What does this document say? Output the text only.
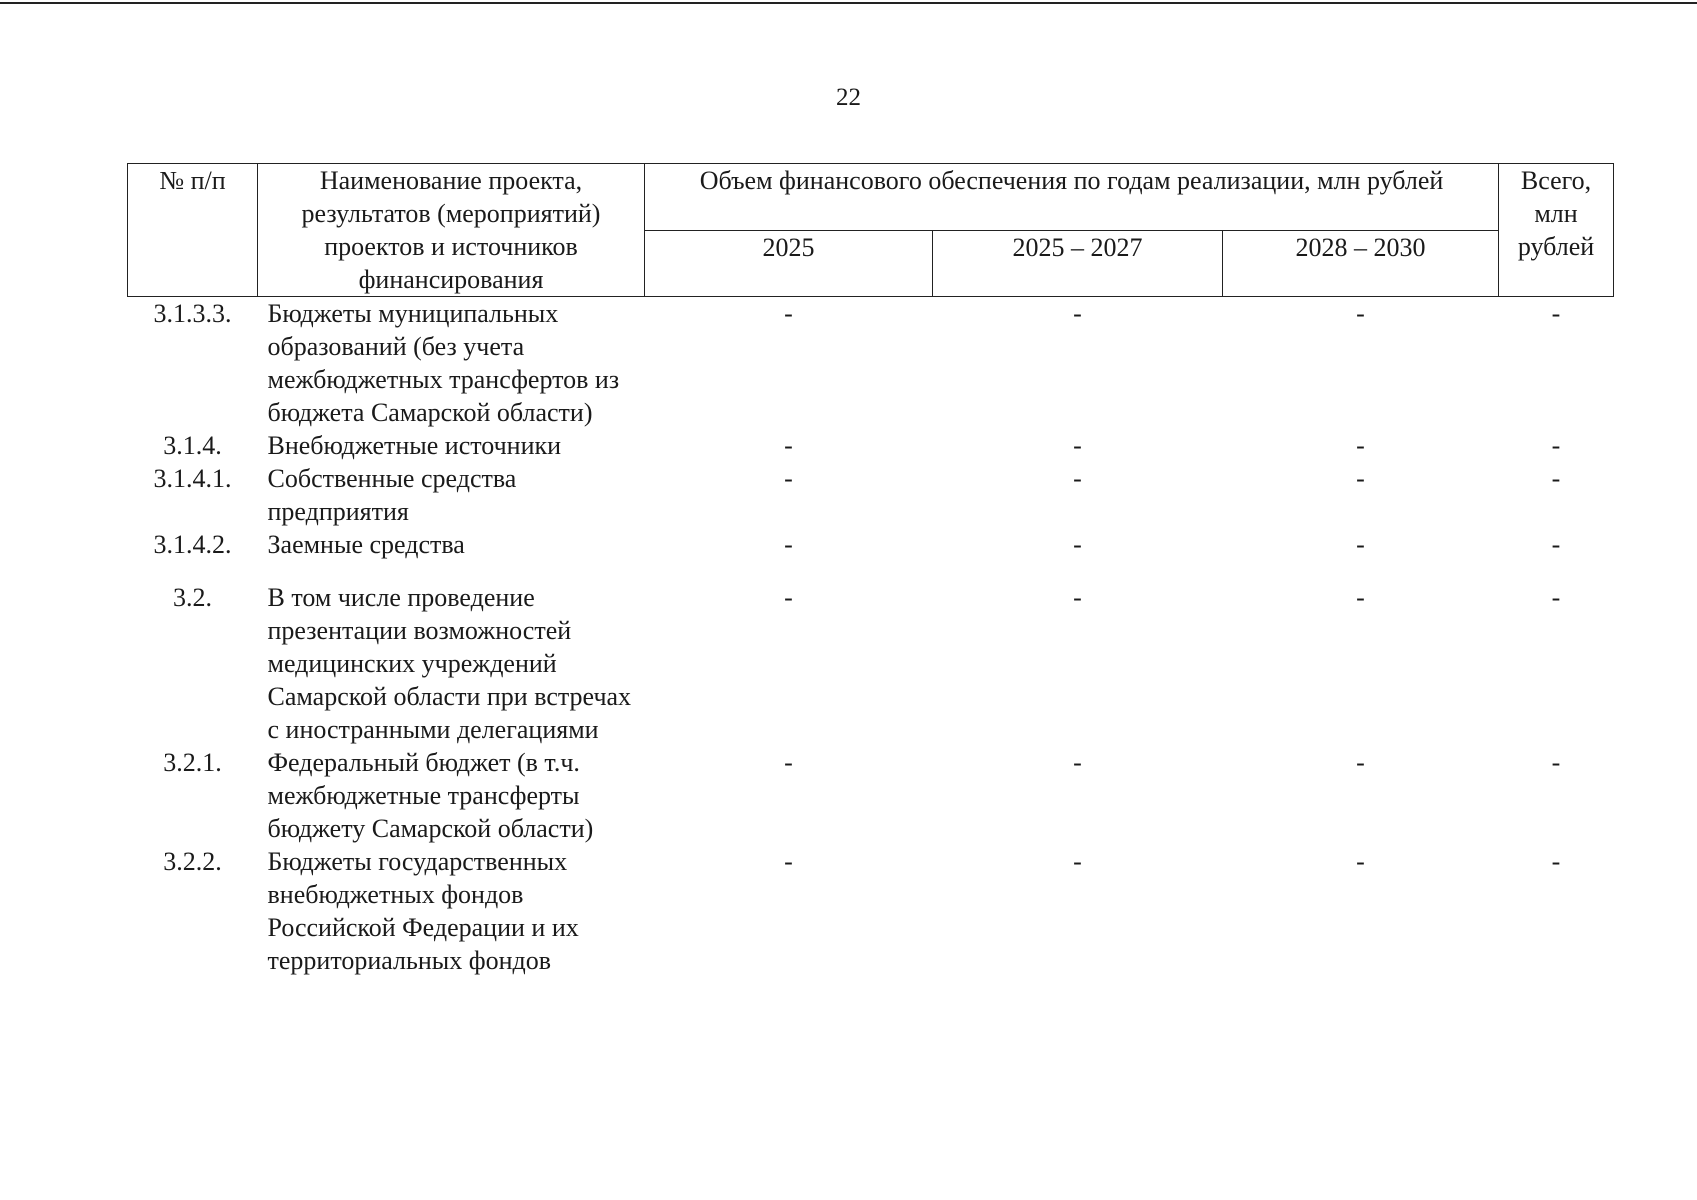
22
№ п/п	Наименование проекта, результатов (мероприятий) проектов и источников финансирования	Объем финансового обеспечения по годам реализации, млн рублей			Всего, млн рублей
		2025	2025 – 2027	2028 – 2030	
3.1.3.3.	Бюджеты муниципальных образований (без учета межбюджетных трансфертов из бюджета Самарской области)	-	-	-	-
3.1.4.	Внебюджетные источники	-	-	-	-
3.1.4.1.	Собственные средства предприятия	-	-	-	-
3.1.4.2.	Заемные средства	-	-	-	-

3.2.	В том числе проведение презентации возможностей медицинских учреждений Самарской области при встречах с иностранными делегациями	-	-	-	-
3.2.1.	Федеральный бюджет (в т.ч. межбюджетные трансферты бюджету Самарской области)	-	-	-	-
3.2.2.	Бюджеты государственных внебюджетных фондов Российской Федерации и их территориальных фондов	-	-	-	-
